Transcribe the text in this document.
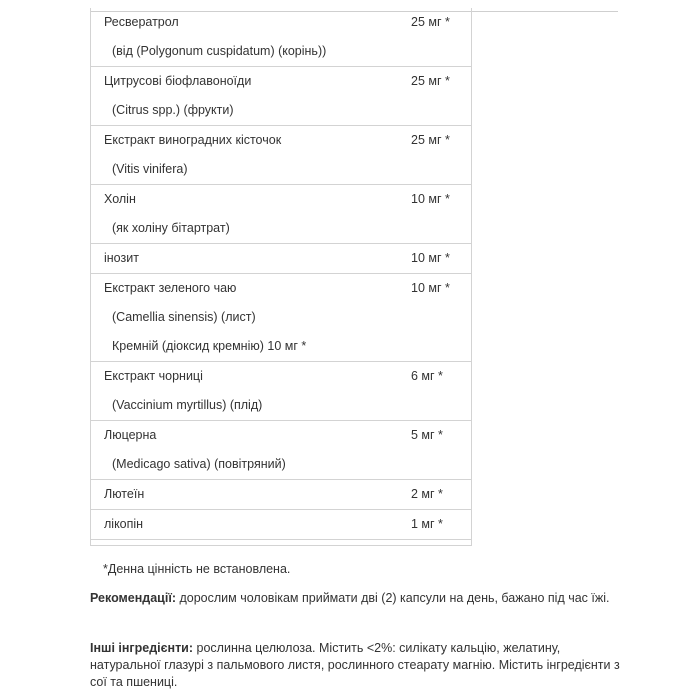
Ресвератрол	25 мг *
(від (Polygonum cuspidatum) (корінь))
Цитрусові біофлавоноїди	25 мг *
(Citrus spp.) (фрукти)
Екстракт виноградних кісточок	25 мг *
(Vitis vinifera)
Холін	10 мг *
(як холіну бітартрат)
інозит	10 мг *
Екстракт зеленого чаю	10 мг *
(Camellia sinensis) (лист)
Кремній (діоксид кремнію) 10 мг *
Екстракт чорниці	6 мг *
(Vaccinium myrtillus) (плід)
Люцерна	5 мг *
(Medicago sativa) (повітряний)
Лютеїн	2 мг *
лікопін	1 мг *
*Денна цінність не встановлена.
Рекомендації: дорослим чоловікам приймати дві (2) капсули на день, бажано під час їжі.
Інші інгредієнти: рослинна целюлоза. Містить <2%: силікату кальцію, желатину, натуральної глазурі з пальмового листя, рослинного стеарату магнію. Містить інгредієнти з сої та пшениці.
